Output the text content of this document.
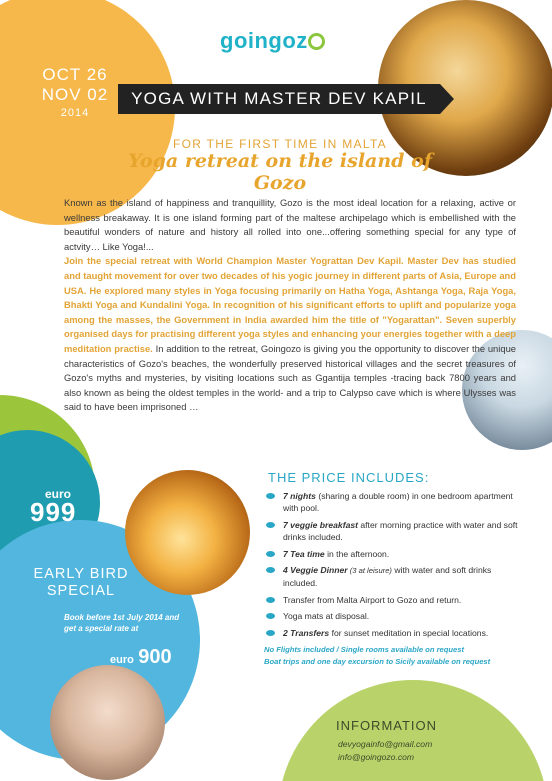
goingoz
OCT 26
NOV 02
2014
YOGA WITH MASTER DEV KAPIL
FOR THE FIRST TIME IN MALTA
Yoga retreat on the island of Gozo
Known as the island of happiness and tranquillity, Gozo is the most ideal location for a relaxing, active or wellness breakaway. It is one island forming part of the maltese archipelago which is embellished with the beautiful wonders of nature and history all rolled into one...offering something special for any type of actvity… Like Yoga!...
Join the special retreat with World Champion Master Yograttan Dev Kapil. Master Dev has studied and taught movement for over two decades of his yogic journey in different parts of Asia, Europe and USA. He explored many styles in Yoga focusing primarily on Hatha Yoga, Ashtanga Yoga, Raja Yoga, Bhakti Yoga and Kundalini Yoga. In recognition of his significant efforts to uplift and popularize yoga among the masses, the Government in India awarded him the title of "Yogarattan". Seven superbly organised days for practising different yoga styles and enhancing your energies together with a deep meditation practise. In addition to the retreat, Goingozo is giving you the opportunity to discover the unique characteristics of Gozo's beaches, the wonderfully preserved historical villages and the secret treasures of Gozo's myths and mysteries, by visiting locations such as Ggantija temples -tracing back 7800 years and also known as being the oldest temples in the world- and a trip to Calypso cave which is where Ulysses was said to have been imprisoned …
euro
999
EARLY BIRD SPECIAL
Book before 1st July 2014 and get a special rate at
euro 900
THE PRICE INCLUDES:
7 nights (sharing a double room) in one bedroom apartment with pool.
7 veggie breakfast after morning practice with water and soft drinks included.
7 Tea time in the afternoon.
4 Veggie Dinner (3 at leisure) with water and soft drinks included.
Transfer from Malta Airport to Gozo and return.
Yoga mats at disposal.
2 Transfers for sunset meditation in special locations.
No Flights included / Single rooms available on request
Boat trips and one day excursion to Sicily available on request
INFORMATION
devyogainfo@gmail.com
info@goingozo.com
